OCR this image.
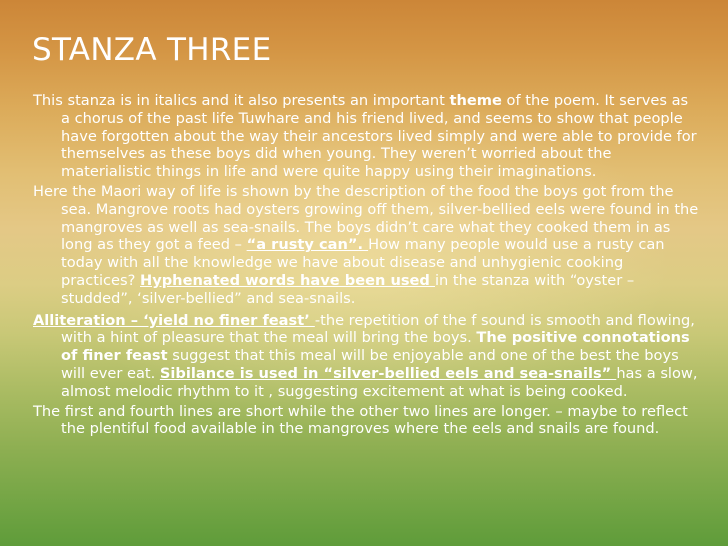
STANZA THREE

This stanza is in italics and it also presents an important theme of the poem. It serves as a chorus of the past life Tuwhare and his friend lived, and seems to show that people have forgotten about the way their ancestors lived simply and were able to provide for themselves as these boys did when young. They weren’t worried about the materialistic things in life and were quite happy using their imaginations.

Here the Maori way of life is shown by the description of the food the boys got from the sea. Mangrove roots had oysters growing off them, silver-bellied eels were found in the mangroves as well as sea-snails. The boys didn’t care what they cooked them in as long as they got a feed – “a rusty can”. How many people would use a rusty can today with all the knowledge we have about disease and unhygienic cooking practices? Hyphenated words have been used in the stanza with “oyster –studded”, ‘silver-bellied” and sea-snails.

Alliteration – ‘yield no finer feast’ -the repetition of the f sound is smooth and flowing, with a hint of pleasure that the meal will bring the boys. The positive connotations of finer feast suggest that this meal will be enjoyable and one of the best the boys will ever eat. Sibilance is used in “silver-bellied eels and sea-snails” has a slow, almost melodic rhythm to it , suggesting excitement at what is being cooked.

The first and fourth lines are short while the other two lines are longer. – maybe to reflect the plentiful food available in the mangroves where the eels and snails are found.
